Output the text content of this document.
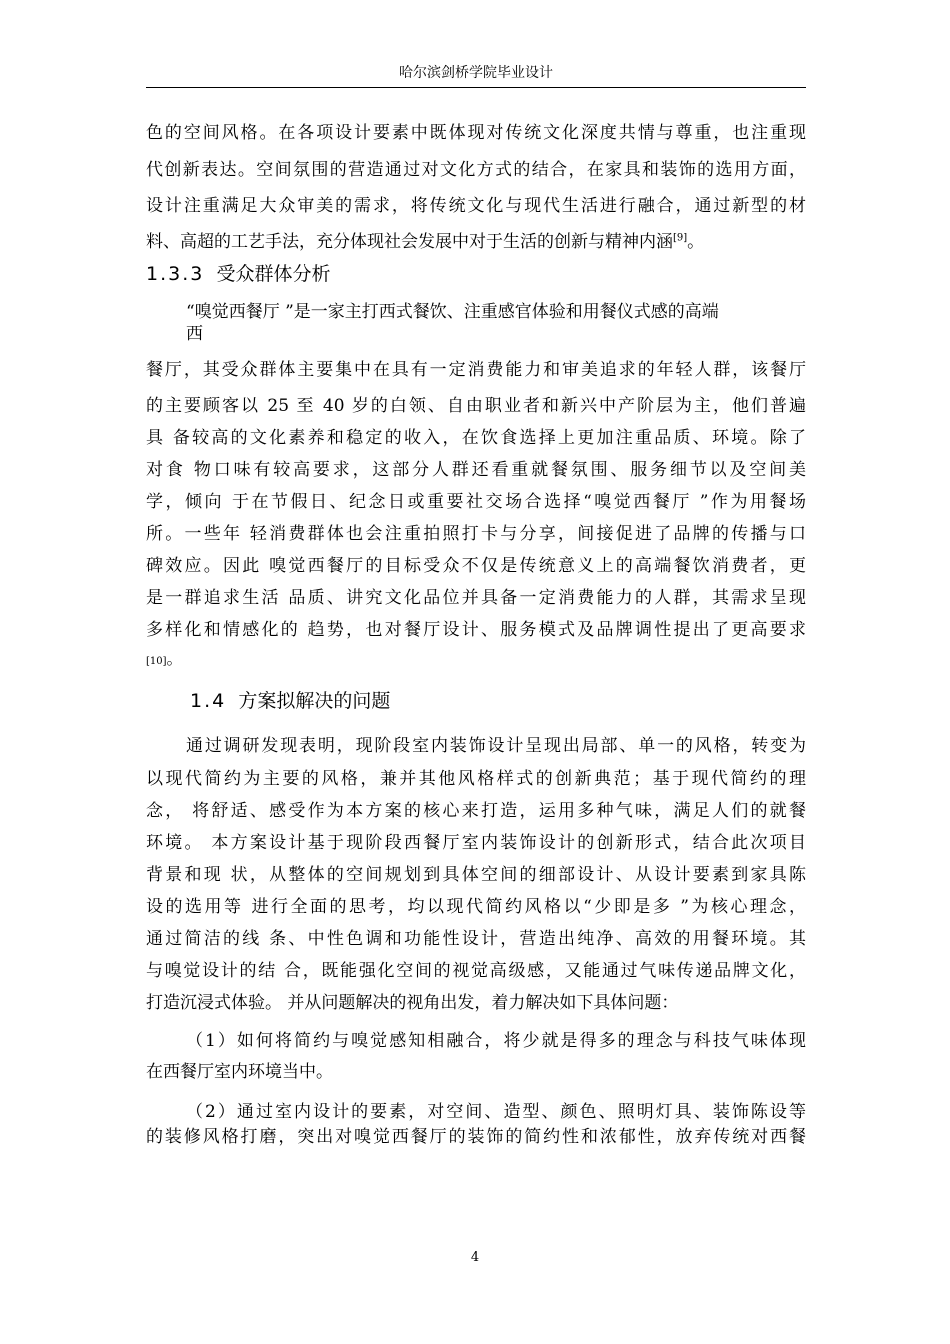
哈尔滨剑桥学院毕业设计
色的空间风格。在各项设计要素中既体现对传统文化深度共情与尊重，也注重现
代创新表达。空间氛围的营造通过对文化方式的结合，在家具和装饰的选用方面，
设计注重满足大众审美的需求，将传统文化与现代生活进行融合，通过新型的材
料、高超的工艺手法，充分体现社会发展中对于生活的创新与精神内涵[9]。
1.3.3 受众群体分析
“嗅觉西餐厅 ”是一家主打西式餐饮、注重感官体验和用餐仪式感的高端
西
餐厅，其受众群体主要集中在具有一定消费能力和审美追求的年轻人群，该餐厅
的主要顾客以 25 至 40 岁的白领、自由职业者和新兴中产阶层为主，他们普遍
具 备较高的文化素养和稳定的收入，在饮食选择上更加注重品质、环境。除了
对食 物口味有较高要求，这部分人群还看重就餐氛围、服务细节以及空间美
学，倾向 于在节假日、纪念日或重要社交场合选择“嗅觉西餐厅 ”作为用餐场
所。一些年 轻消费群体也会注重拍照打卡与分享，间接促进了品牌的传播与口
碑效应。因此 嗅觉西餐厅的目标受众不仅是传统意义上的高端餐饮消费者，更
是一群追求生活 品质、讲究文化品位并具备一定消费能力的人群，其需求呈现
多样化和情感化的 趋势，也对餐厅设计、服务模式及品牌调性提出了更高要求
[10]。
1.4 方案拟解决的问题
通过调研发现表明，现阶段室内装饰设计呈现出局部、单一的风格，转变为
以现代简约为主要的风格，兼并其他风格样式的创新典范；基于现代简约的理
念， 将舒适、感受作为本方案的核心来打造，运用多种气味，满足人们的就餐
环境。 本方案设计基于现阶段西餐厅室内装饰设计的创新形式，结合此次项目
背景和现 状，从整体的空间规划到具体空间的细部设计、从设计要素到家具陈
设的选用等 进行全面的思考，均以现代简约风格以“少即是多 ”为核心理念，
通过简洁的线 条、中性色调和功能性设计，营造出纯净、高效的用餐环境。其
与嗅觉设计的结 合，既能强化空间的视觉高级感，又能通过气味传递品牌文化，
打造沉浸式体验。 并从问题解决的视角出发，着力解决如下具体问题：
（1）如何将简约与嗅觉感知相融合，将少就是得多的理念与科技气味体现
在西餐厅室内环境当中。
（2）通过室内设计的要素，对空间、造型、颜色、照明灯具、装饰陈设等
的装修风格打磨，突出对嗅觉西餐厅的装饰的简约性和浓郁性，放弃传统对西餐
4
